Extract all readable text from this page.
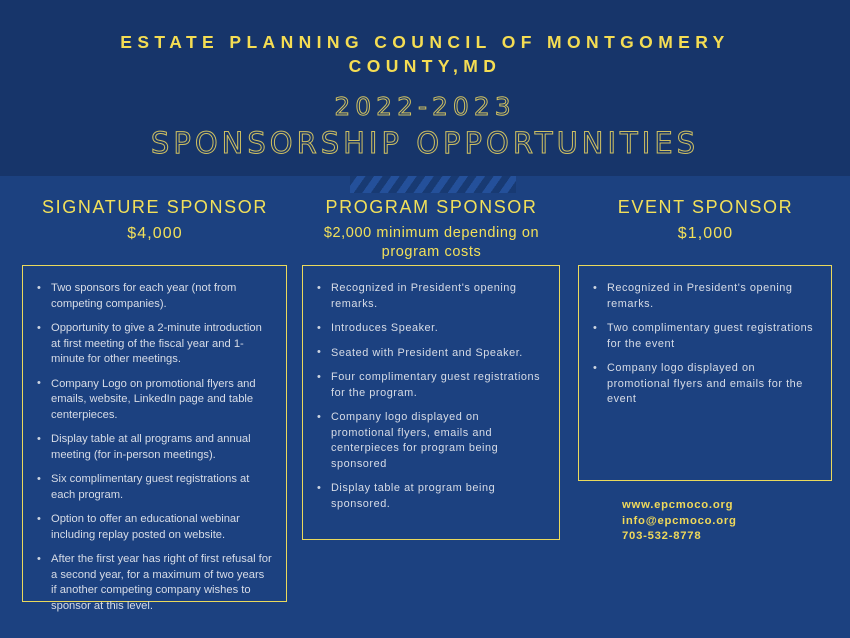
ESTATE PLANNING COUNCIL OF MONTGOMERY COUNTY,MD
2022-2023
SPONSORSHIP OPPORTUNITIES
SIGNATURE SPONSOR
$4,000
• Two sponsors for each year (not from competing companies).
• Opportunity to give a 2-minute introduction at first meeting of the fiscal year and 1-minute for other meetings.
• Company Logo on promotional flyers and emails, website, LinkedIn page and table centerpieces.
• Display table at all programs and annual meeting (for in-person meetings).
• Six complimentary guest registrations at each program.
• Option to offer an educational webinar including replay posted on website.
• After the first year has right of first refusal for a second year, for a maximum of two years if another competing company wishes to sponsor at this level.
PROGRAM SPONSOR
$2,000 minimum depending on program costs
• Recognized in President's opening remarks.
• Introduces Speaker.
• Seated with President and Speaker.
• Four complimentary guest registrations for the program.
• Company logo displayed on promotional flyers, emails and centerpieces for program being sponsored
• Display table at program being sponsored.
EVENT SPONSOR
$1,000
• Recognized in President's opening remarks.
• Two complimentary guest registrations for the event
• Company logo displayed on promotional flyers and emails for the event
www.epcmoco.org
info@epcmoco.org
703-532-8778
